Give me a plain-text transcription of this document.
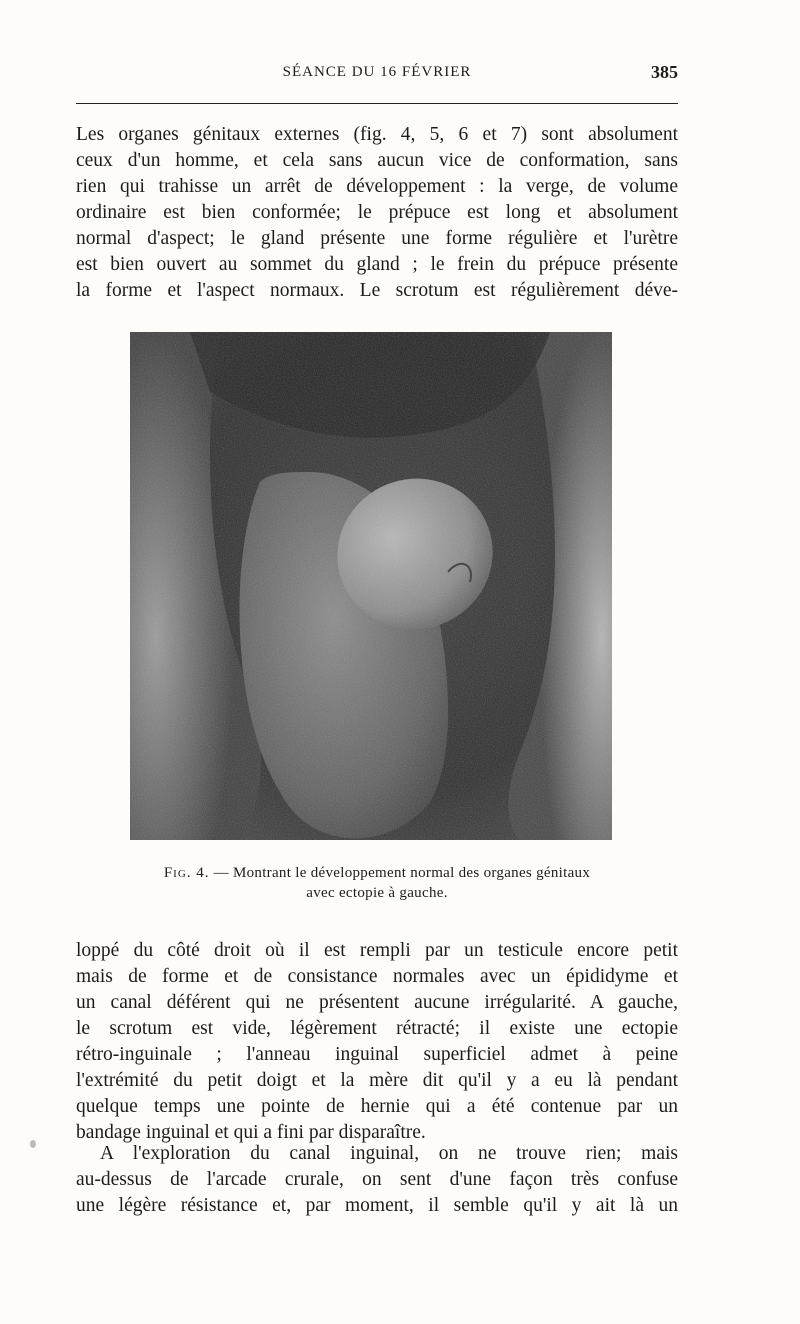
SÉANCE DU 16 FÉVRIER	385
Les organes génitaux externes (fig. 4, 5, 6 et 7) sont absolument
ceux d'un homme, et cela sans aucun vice de conformation, sans
rien qui trahisse un arrêt de développement : la verge, de volume
ordinaire est bien conformée; le prépuce est long et absolument
normal d'aspect; le gland présente une forme régulière et l'urètre
est bien ouvert au sommet du gland ; le frein du prépuce présente
la forme et l'aspect normaux. Le scrotum est régulièrement déve-
Fig. 4. — Montrant le développement normal des organes génitaux
avec ectopie à gauche.
loppé du côté droit où il est rempli par un testicule encore petit
mais de forme et de consistance normales avec un épididyme et
un canal déférent qui ne présentent aucune irrégularité. A gauche,
le scrotum est vide, légèrement rétracté; il existe une ectopie
rétro-inguinale ; l'anneau inguinal superficiel admet à peine
l'extrémité du petit doigt et la mère dit qu'il y a eu là pendant
quelque temps une pointe de hernie qui a été contenue par un
bandage inguinal et qui a fini par disparaître.
A l'exploration du canal inguinal, on ne trouve rien; mais
au-dessus de l'arcade crurale, on sent d'une façon très confuse
une légère résistance et, par moment, il semble qu'il y ait là un
